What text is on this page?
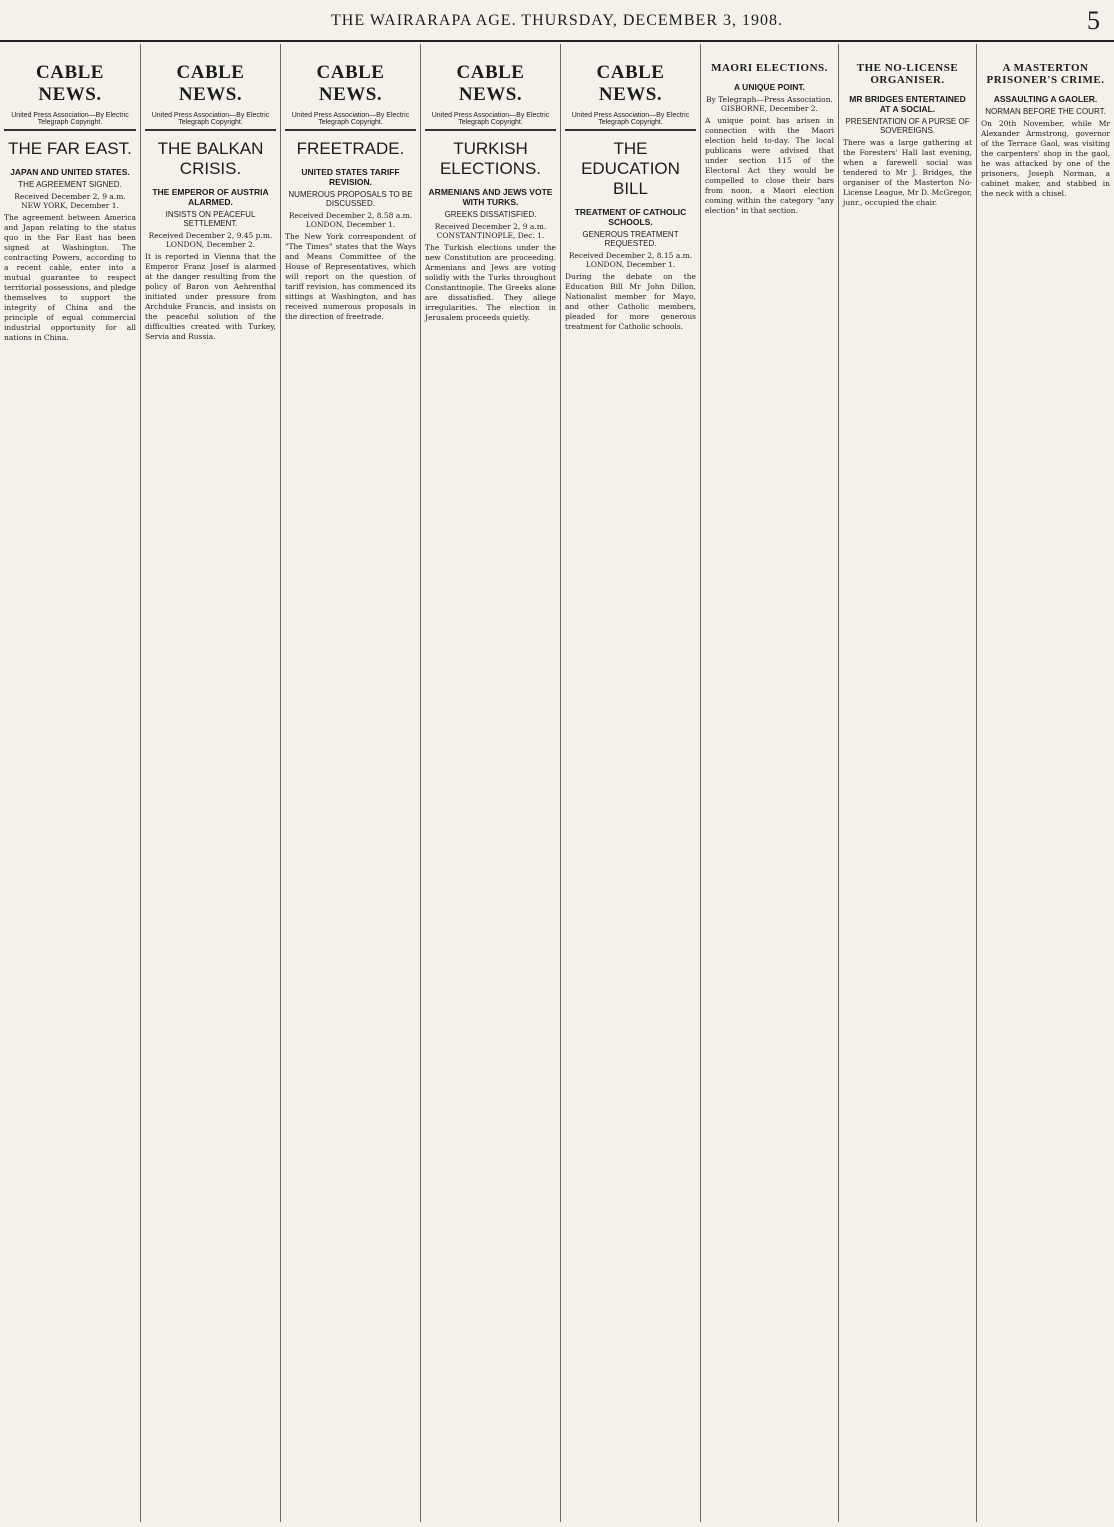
THE WAIRARAPA AGE. THURSDAY, DECEMBER 3, 1908.	5
CABLE NEWS.
United Press Association—By Electric Telegraph Copyright.
THE FAR EAST.
JAPAN AND UNITED STATES.
THE AGREEMENT SIGNED.
Received December 2, 9 a.m. NEW YORK, December 1.
The agreement between America and Japan relating to the status quo in the Far East has been signed at Washington. The contracting Powers, according to a recent cable, enter into a mutual guarantee to respect territorial possessions, and pledge themselves to support the integrity of China and the principle of equal commercial industrial opportunity for all nations in China.
CABLE NEWS.
United Press Association—By Electric Telegraph Copyright.
THE BALKAN CRISIS.
THE EMPEROR OF AUSTRIA ALARMED.
INSISTS ON PEACEFUL SETTLEMENT.
Received December 2, 9.45 p.m. LONDON, December 2.
It is reported in Vienna that the Emperor Franz Josef is alarmed at the danger resulting from the policy of Baron von Aehrenthal initiated under pressure from Archduke Francis, and insists on the peaceful solution of the difficulties created with Turkey, Servia and Russia.
CABLE NEWS.
United Press Association—By Electric Telegraph Copyright.
FREETRADE.
UNITED STATES TARIFF REVISION.
NUMEROUS PROPOSALS TO BE DISCUSSED.
Received December 2, 8.58 a.m. LONDON, December 1.
The New York correspondent of "The Times" states that the Ways and Means Committee of the House of Representatives, which will report on the question of tariff revision, has commenced its sittings at Washington, and has received numerous proposals in the direction of freetrade.
CABLE NEWS.
United Press Association—By Electric Telegraph Copyright.
TURKISH ELECTIONS.
ARMENIANS AND JEWS VOTE WITH TURKS.
GREEKS DISSATISFIED.
Received December 2, 9 a.m. CONSTANTINOPLE, Dec. 1.
The Turkish elections under the new Constitution are proceeding. Armenians and Jews are voting solidly with the Turks throughout Constantinople. The Greeks alone are dissatisfied. They allege irregularities. The election in Jerusalem proceeds quietly.
CABLE NEWS.
United Press Association—By Electric Telegraph Copyright.
THE EDUCATION BILL
TREATMENT OF CATHOLIC SCHOOLS.
GENEROUS TREATMENT REQUESTED.
Received December 2, 8.15 a.m. LONDON, December 1.
During the debate on the Education Bill Mr John Dillon, Nationalist member for Mayo, and other Catholic members, pleaded for more generous treatment for Catholic schools.
MAORI ELECTIONS.
A UNIQUE POINT.
By Telegraph—Press Association. GISBORNE, December 2.
A unique point has arisen in connection with the Maori election held to-day. The local publicans were advised that under section 115 of the Electoral Act they would be compelled to close their bars from noon, a Maori election coming within the category "any election" in that section.
THE NO-LICENSE ORGANISER.
MR BRIDGES ENTERTAINED AT A SOCIAL.
PRESENTATION OF A PURSE OF SOVEREIGNS.
There was a large gathering at the Foresters' Hall last evening, when a farewell social was tendered to Mr J. Bridges, the organiser of the Masterton No-License League, Mr D. McGregor, junr., occupied the chair.
A MASTERTON PRISONER'S CRIME.
ASSAULTING A GAOLER.
NORMAN BEFORE THE COURT.
On 20th November, while Mr Alexander Armstrong, governor of the Terrace Gaol, was visiting the carpenters' shop in the gaol, he was attacked by one of the prisoners, Joseph Norman, a cabinet maker, and stabbed in the neck with a chisel.
